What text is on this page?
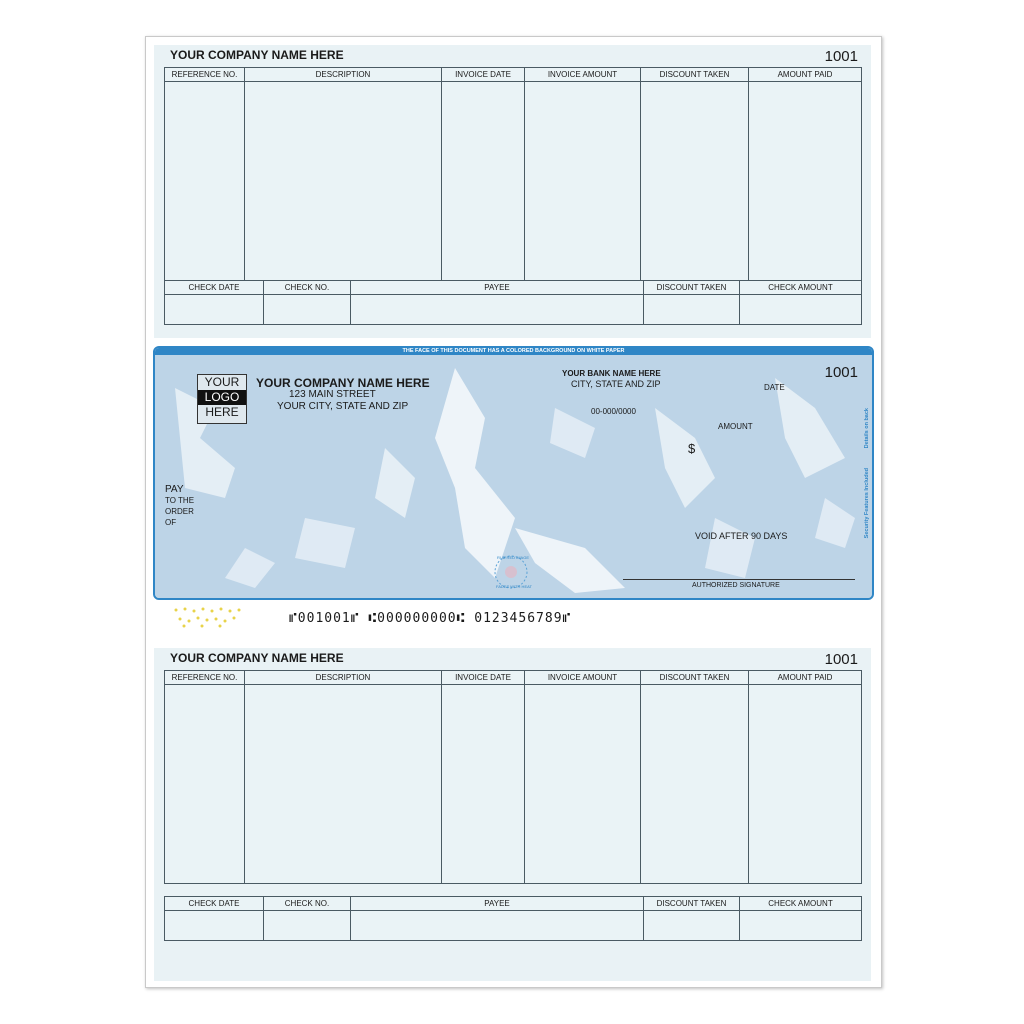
YOUR COMPANY NAME HERE	1001
REFERENCE NO.	DESCRIPTION	INVOICE DATE	INVOICE AMOUNT	DISCOUNT TAKEN	AMOUNT PAID

CHECK DATE	CHECK NO.	PAYEE	DISCOUNT TAKEN	CHECK AMOUNT

THE FACE OF THIS DOCUMENT HAS A COLORED BACKGROUND ON WHITE PAPER
1001
YOUR
LOGO
HERE
YOUR COMPANY NAME HERE
123 MAIN STREET
YOUR CITY, STATE AND ZIP
YOUR BANK NAME HERE
CITY, STATE AND ZIP
00-000/0000
DATE
AMOUNT
$
PAY
TO THE
ORDER
OF
VOID AFTER 90 DAYS
AUTHORIZED SIGNATURE
RUB RED IMAGE
FADES WITH HEAT
Details on back
Security Features Included
⑈001001⑈ ⑆000000000⑆ 0123456789⑈
YOUR COMPANY NAME HERE	1001
REFERENCE NO.	DESCRIPTION	INVOICE DATE	INVOICE AMOUNT	DISCOUNT TAKEN	AMOUNT PAID

CHECK DATE	CHECK NO.	PAYEE	DISCOUNT TAKEN	CHECK AMOUNT
